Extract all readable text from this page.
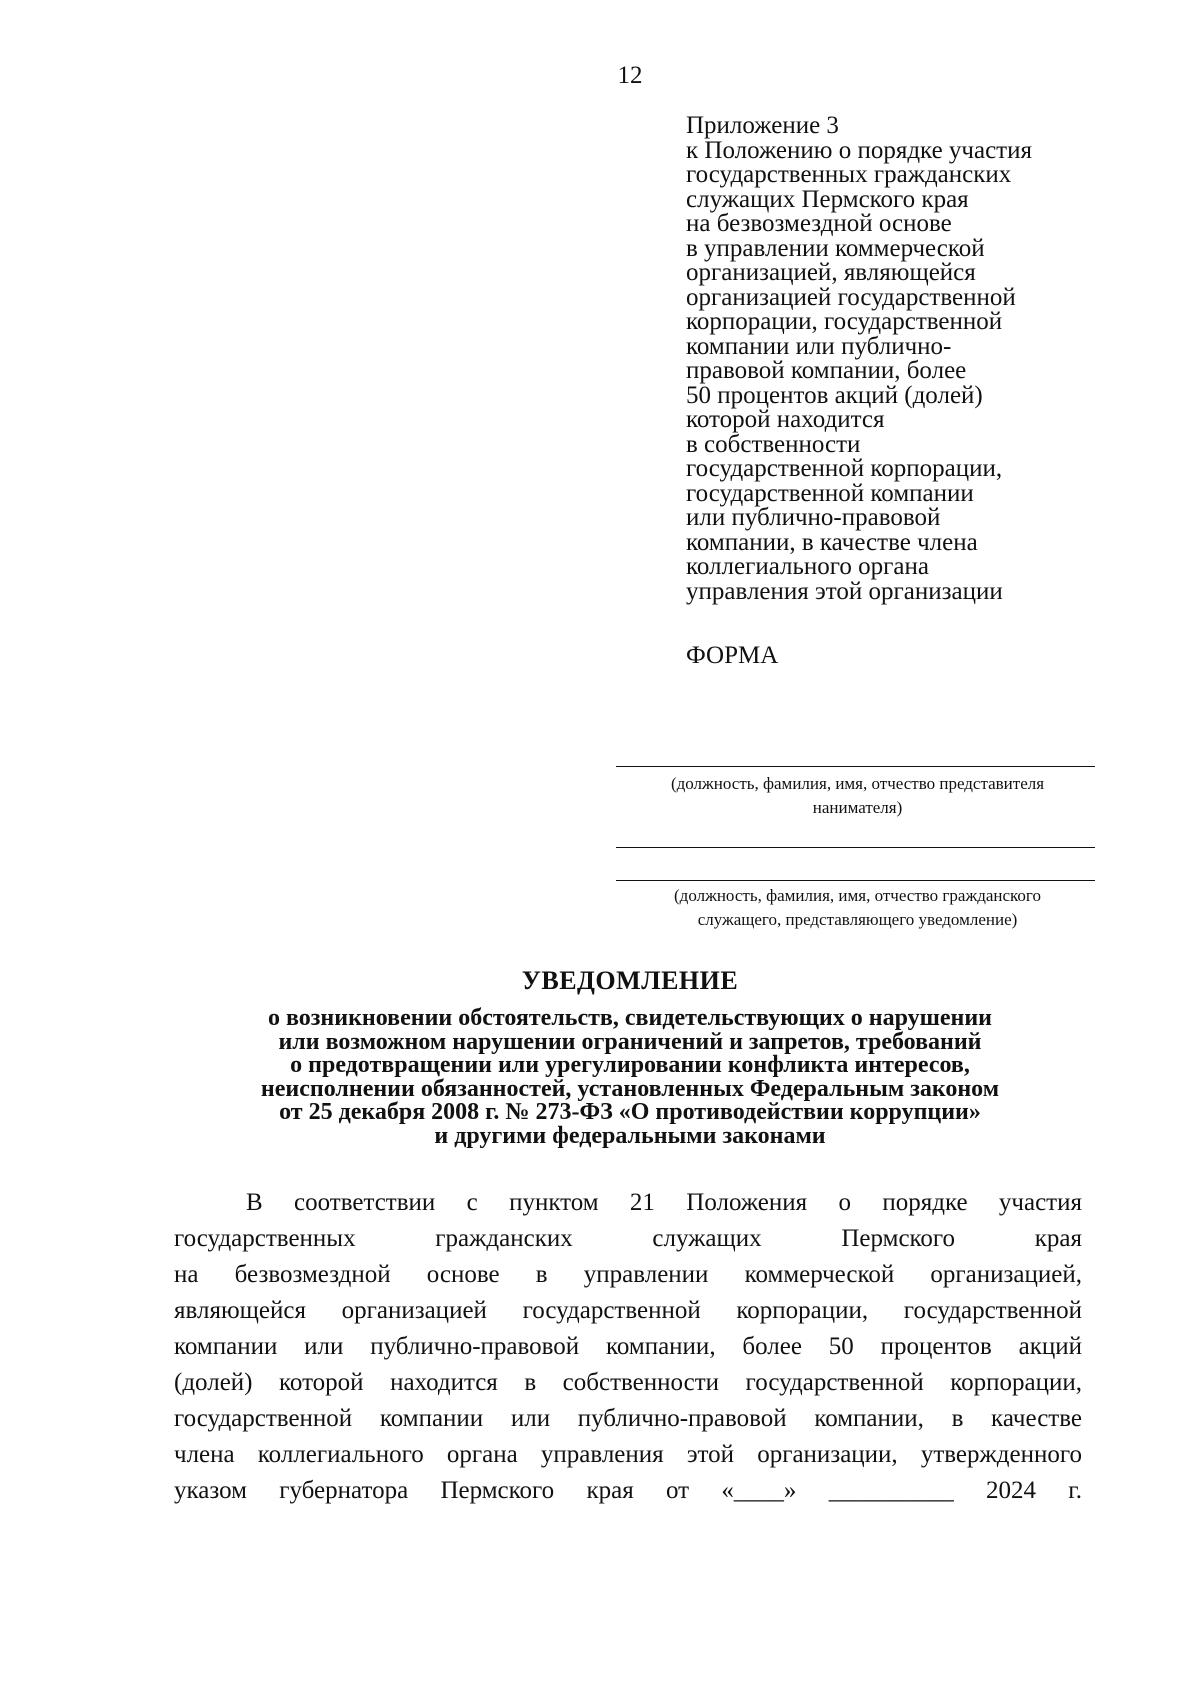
12
Приложение 3
к Положению о порядке участия
государственных гражданских
служащих Пермского края
на безвозмездной основе
в управлении коммерческой
организацией, являющейся
организацией государственной
корпорации, государственной
компании или публично-
правовой компании, более
50 процентов акций (долей)
которой находится
в собственности
государственной корпорации,
государственной компании
или публично-правовой
компании, в качестве члена
коллегиального органа
управления этой организации
ФОРМА
(должность, фамилия, имя, отчество представителя
нанимателя)
(должность, фамилия, имя, отчество гражданского
служащего, представляющего уведомление)
УВЕДОМЛЕНИЕ
о возникновении обстоятельств, свидетельствующих о нарушении
или возможном нарушении ограничений и запретов, требований
о предотвращении или урегулировании конфликта интересов,
неисполнении обязанностей, установленных Федеральным законом
от 25 декабря 2008 г. № 273-ФЗ «О противодействии коррупции»
и другими федеральными законами
В соответствии с пунктом 21 Положения о порядке участия
государственных гражданских служащих Пермского края
на безвозмездной основе в управлении коммерческой организацией,
являющейся организацией государственной корпорации, государственной
компании или публично-правовой компании, более 50 процентов акций
(долей) которой находится в собственности государственной корпорации,
государственной компании или публично-правовой компании, в качестве
члена коллегиального органа управления этой организации, утвержденного
указом губернатора Пермского края от «____» __________ 2024 г.
